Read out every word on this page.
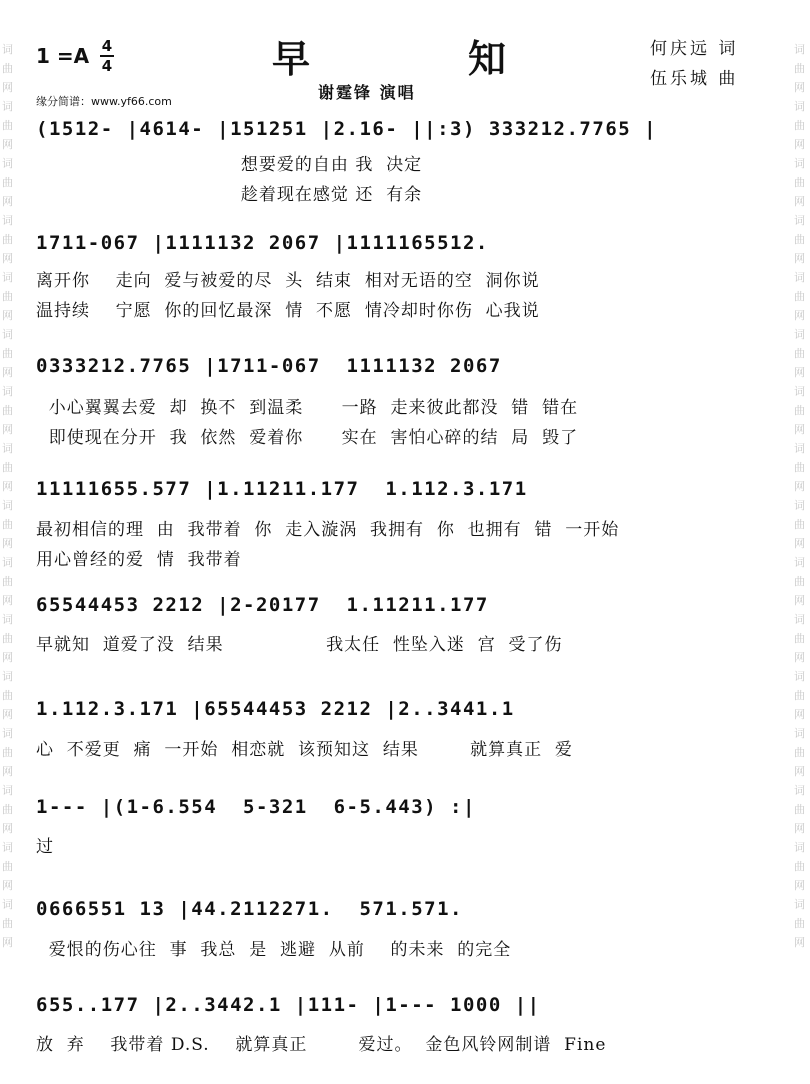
词曲网词曲网词曲网词曲网词曲网词曲网词曲网词曲网词曲网词曲网词曲网词曲网词曲网词曲网词曲网词曲网
词曲网词曲网词曲网词曲网词曲网词曲网词曲网词曲网词曲网词曲网词曲网词曲网词曲网词曲网词曲网词曲网
1 =A 4
4	早	知
谢霆锋 演唱
缘分简谱：www.yf66.com
何庆远 词
伍乐城 曲
(1512- |4614- |151251 |2.16- ||:3) 333212.7765 |
想要爱的自由 我  决定
趁着现在感觉 还  有余
1711-067 |1111132 2067 |1111165512.
离开你    走向  爱与被爱的尽  头  结束  相对无语的空  洞你说
温持续    宁愿  你的回忆最深  情  不愿  情冷却时你伤  心我说
0333212.7765 |1711-067  1111132 2067
小心翼翼去爱  却  换不  到温柔      一路  走来彼此都没  错  错在
即使现在分开  我  依然  爱着你      实在  害怕心碎的结  局  毁了
11111655.577 |1.11211.177  1.112.3.171
最初相信的理  由  我带着  你  走入漩涡  我拥有  你  也拥有  错  一开始
用心曾经的爱  情  我带着
65544453 2212 |2-20177  1.11211.177
早就知  道爱了没  结果                我太任  性坠入迷  宫  受了伤
1.112.3.171 |65544453 2212 |2..3441.1
心  不爱更  痛  一开始  相恋就  该预知这  结果        就算真正  爱
1--- |(1-6.554  5-321  6-5.443) :|
过
0666551 13 |44.2112271.  571.571.
爱恨的伤心往  事  我总  是  逃避  从前    的未来  的完全
655..177 |2..3442.1 |111- |1--- 1000 ||
放  弃    我带着 D.S.    就算真正        爱过。  金色风铃网制谱  Fine
